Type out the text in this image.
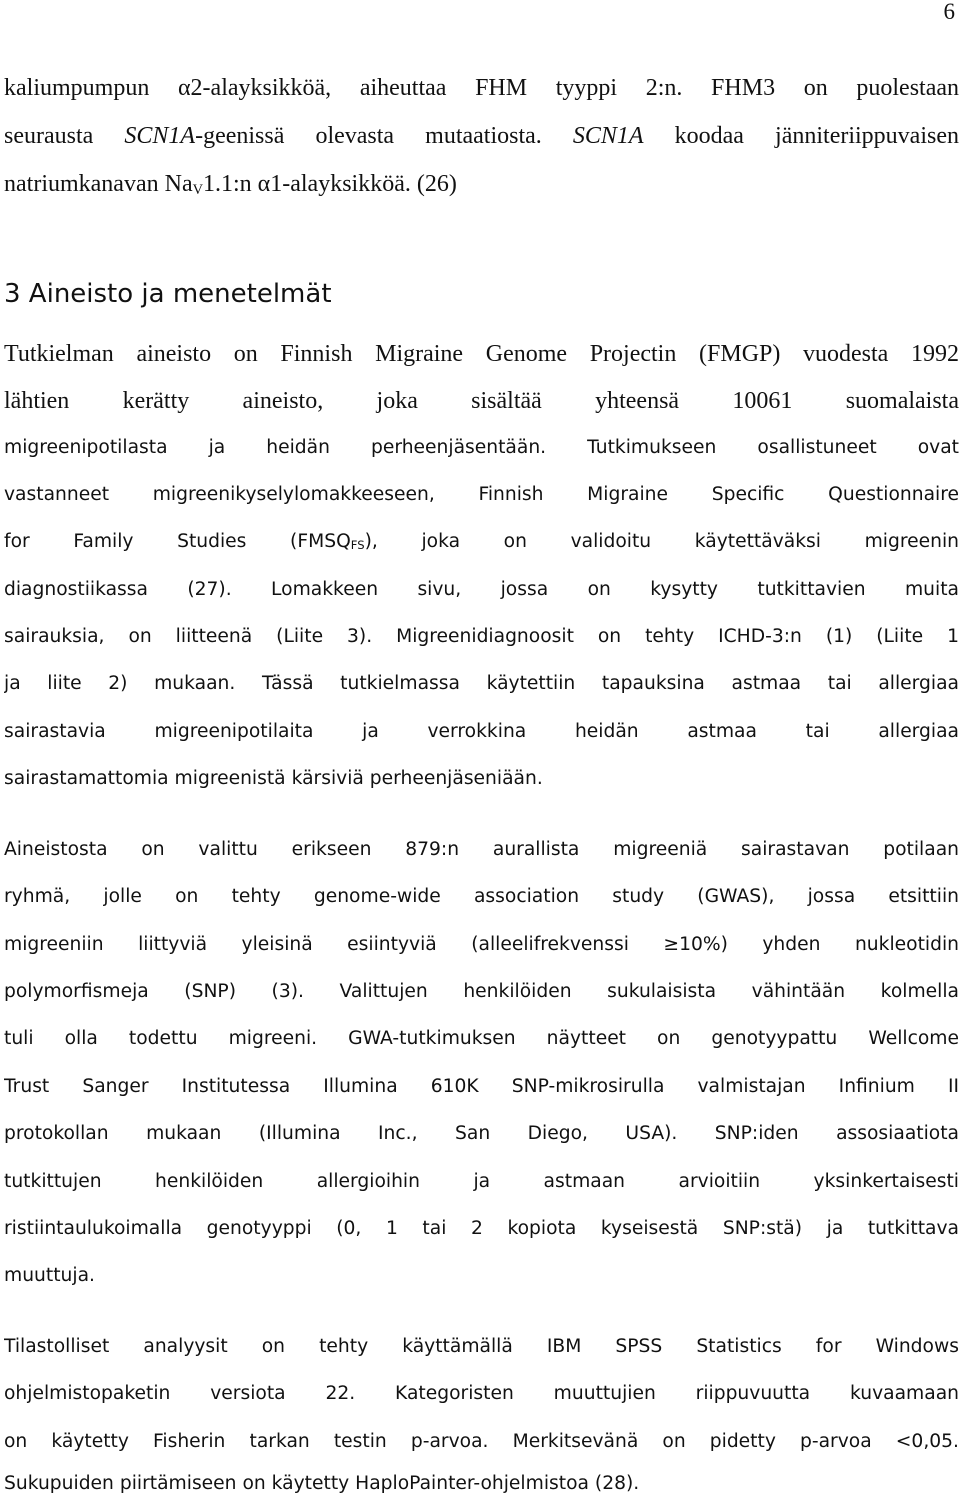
6
kaliumpumpun α2-alayksikköä, aiheuttaa FHM tyyppi 2:n. FHM3 on puolestaan
seurausta SCN1A-geenissä olevasta mutaatiosta. SCN1A koodaa jänniteriippuvaisen
natriumkanavan $Na_V1.1:n$ α1-alayksikköä. (26)
3 Aineisto ja menetelmät
Tutkielman aineisto on Finnish Migraine Genome Projectin (FMGP) vuodesta 1992
lähtien kerätty aineisto, joka sisältää yhteensä 10061 suomalaista
migreenipotilasta ja heidän perheenjäsentään. Tutkimukseen osallistuneet ovat
vastanneet migreenikyselylomakkeeseen, Finnish Migraine Specific Questionnaire
for Family Studies (FMSQFS), joka on validoitu käytettäväksi migreenin
diagnostiikassa (27). Lomakkeen sivu, jossa on kysytty tutkittavien muita
sairauksia, on liitteenä (Liite 3). Migreenidiagnoosit on tehty ICHD-3:n (1) (Liite 1
ja liite 2) mukaan. Tässä tutkielmassa käytettiin tapauksina astmaa tai allergiaa
sairastavia migreenipotilaita ja verrokkina heidän astmaa tai allergiaa
sairastamattomia migreenistä kärsiviä perheenjäseniään.
Aineistosta on valittu erikseen 879:n aurallista migreeniä sairastavan potilaan
ryhmä, jolle on tehty genome-wide association study (GWAS), jossa etsittiin
migreeniin liittyviä yleisinä esiintyviä (alleelifrekvenssi ≥10%) yhden nukleotidin
polymorfismeja (SNP) (3). Valittujen henkilöiden sukulaisista vähintään kolmella
tuli olla todettu migreeni. GWA-tutkimuksen näytteet on genotyypattu Wellcome
Trust Sanger Institutessa Illumina 610K SNP-mikrosirulla valmistajan Infinium II
protokollan mukaan (Illumina Inc., San Diego, USA). SNP:iden assosiaatiota
tutkittujen henkilöiden allergioihin ja astmaan arvioitiin yksinkertaisesti
ristiintaulukoimalla genotyyppi (0, 1 tai 2 kopiota kyseisestä SNP:stä) ja tutkittava
muuttuja.
Tilastolliset analyysit on tehty käyttämällä IBM SPSS Statistics for Windows
ohjelmistopaketin versiota 22. Kategoristen muuttujien riippuvuutta kuvaamaan
on käytetty Fisherin tarkan testin p-arvoa. Merkitsevänä on pidetty p-arvoa <0,05.
Sukupuiden piirtämiseen on käytetty HaploPainter-ohjelmistoa (28).
